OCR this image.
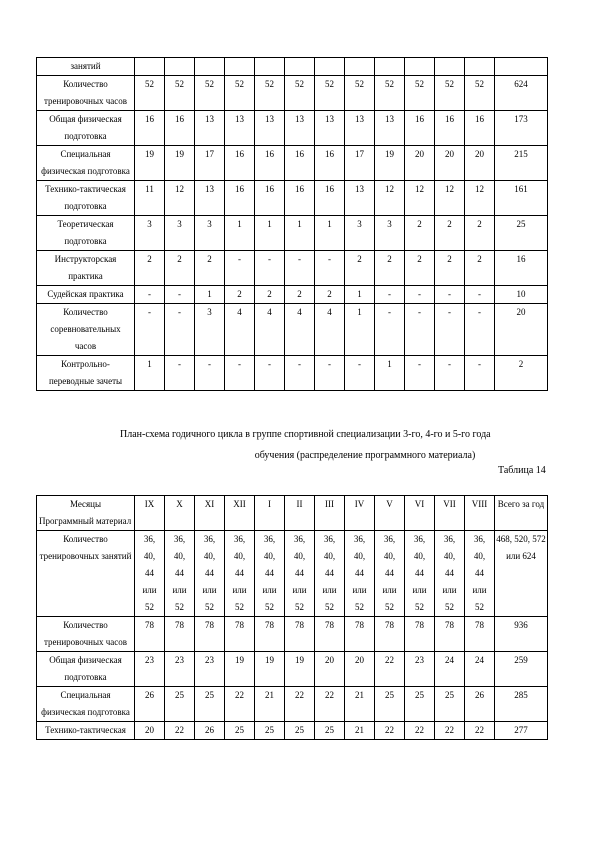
занятий													
Количество тренировочных часов	52	52	52	52	52	52	52	52	52	52	52	52	624
Общая физическая подготовка	16	16	13	13	13	13	13	13	13	16	16	16	173
Специальная физическая подготовка	19	19	17	16	16	16	16	17	19	20	20	20	215
Технико-тактическая подготовка	11	12	13	16	16	16	16	13	12	12	12	12	161
Теоретическая подготовка	3	3	3	1	1	1	1	3	3	2	2	2	25
Инструкторская практика	2	2	2	-	-	-	-	2	2	2	2	2	16
Судейская практика	-	-	1	2	2	2	2	1	-	-	-	-	10
Количество соревновательных часов	-	-	3	4	4	4	4	1	-	-	-	-	20
Контрольно-переводные зачеты	1	-	-	-	-	-	-	-	1	-	-	-	2
План-схема годичного цикла в группе спортивной специализации 3-го, 4-го и 5-го года
обучения (распределение программного материала)
Таблица 14
Месяцы
Программный материал	IX	X	XI	XII	I	II	III	IV	V	VI	VII	VIII	Всего за год
Количество тренировочных занятий	36,
40,
44
или
52	36,
40,
44
или
52	36,
40,
44
или
52	36,
40,
44
или
52	36,
40,
44
или
52	36,
40,
44
или
52	36,
40,
44
или
52	36,
40,
44
или
52	36,
40,
44
или
52	36,
40,
44
или
52	36,
40,
44
или
52	36,
40,
44
или
52	468, 520, 572 или 624
Количество тренировочных часов	78	78	78	78	78	78	78	78	78	78	78	78	936
Общая физическая подготовка	23	23	23	19	19	19	20	20	22	23	24	24	259
Специальная физическая подготовка	26	25	25	22	21	22	22	21	25	25	25	26	285
Технико-тактическая	20	22	26	25	25	25	25	21	22	22	22	22	277
